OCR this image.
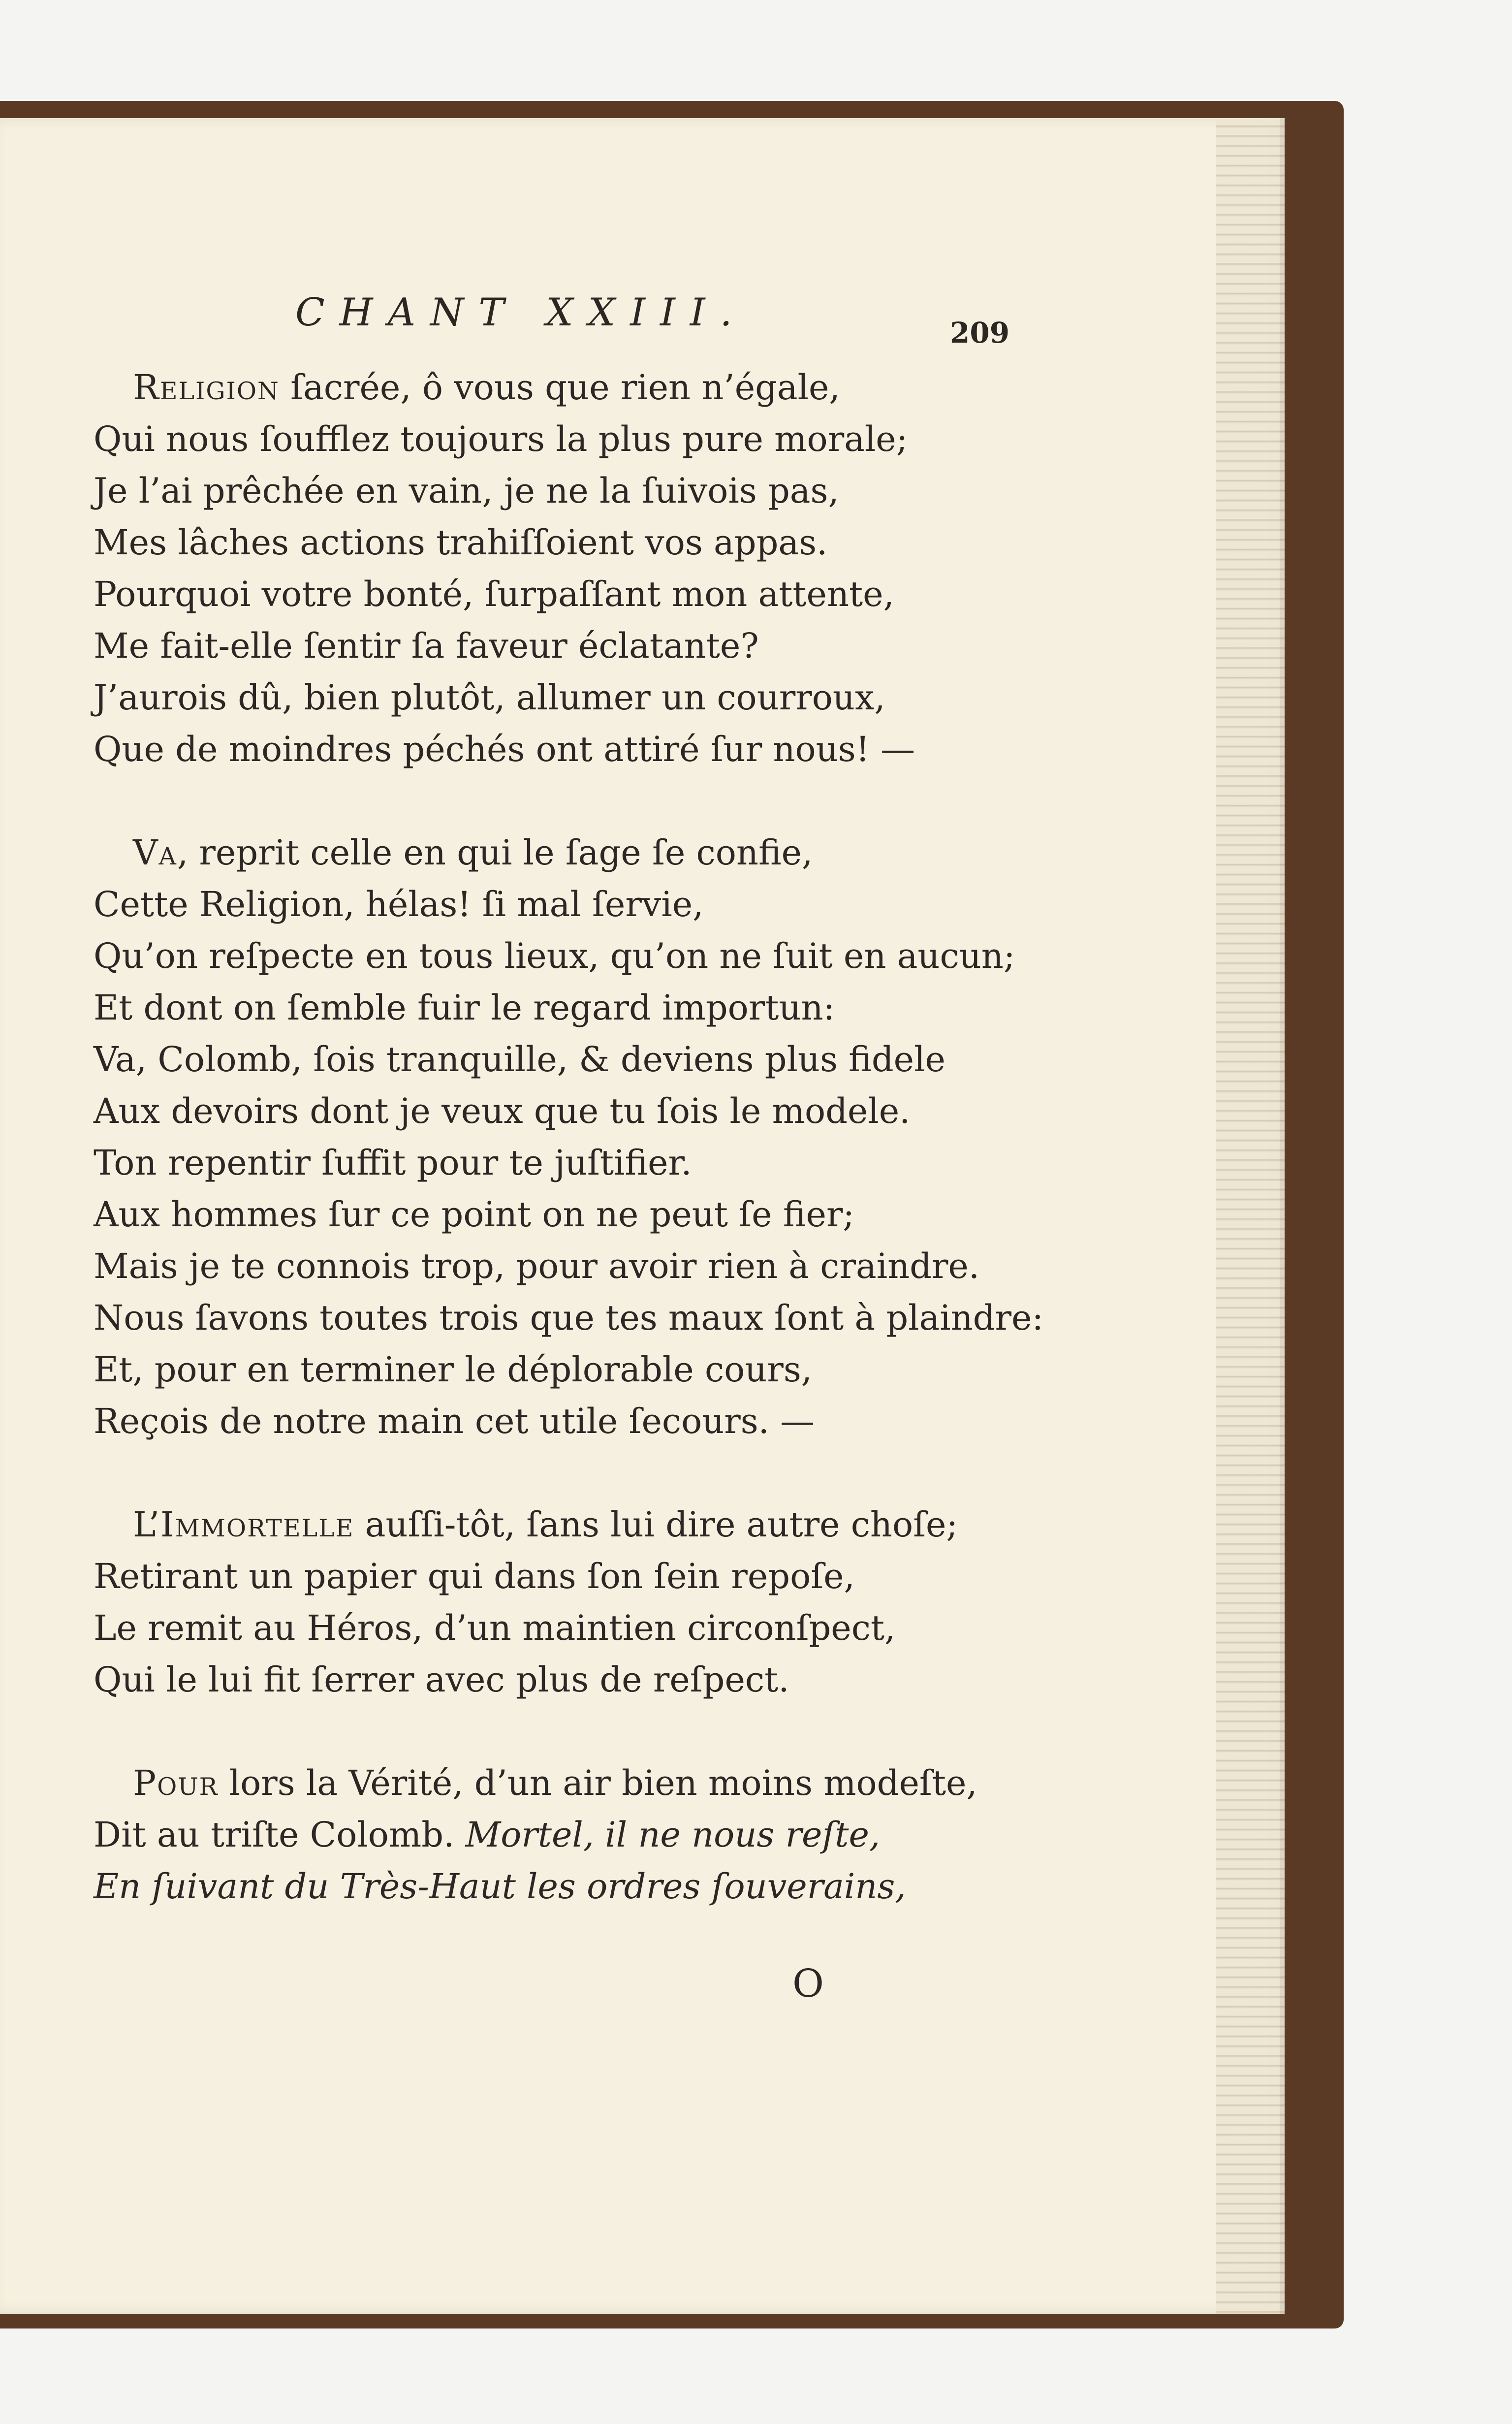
CHANT XXIII.	209
Religion ſacrée, ô vous que rien n’égale,
Qui nous ſoufflez toujours la plus pure morale;
Je l’ai prêchée en vain, je ne la ſuivois pas,
Mes lâches actions trahiſſoient vos appas.
Pourquoi votre bonté, ſurpaſſant mon attente,
Me fait-elle ſentir ſa faveur éclatante?
J’aurois dû, bien plutôt, allumer un courroux,
Que de moindres péchés ont attiré ſur nous! —
Va, reprit celle en qui le ſage ſe confie,
Cette Religion, hélas! ſi mal ſervie,
Qu’on reſpecte en tous lieux, qu’on ne ſuit en aucun;
Et dont on ſemble fuir le regard importun:
Va, Colomb, ſois tranquille, & deviens plus fidele
Aux devoirs dont je veux que tu ſois le modele.
Ton repentir ſuffit pour te juſtifier.
Aux hommes ſur ce point on ne peut ſe fier;
Mais je te connois trop, pour avoir rien à craindre.
Nous ſavons toutes trois que tes maux ſont à plaindre:
Et, pour en terminer le déplorable cours,
Reçois de notre main cet utile ſecours. —
L’Immortelle auſſi-tôt, ſans lui dire autre choſe;
Retirant un papier qui dans ſon ſein repoſe,
Le remit au Héros, d’un maintien circonſpect,
Qui le lui fit ſerrer avec plus de reſpect.
Pour lors la Vérité, d’un air bien moins modeſte,
Dit au triſte Colomb. Mortel, il ne nous reſte,
En ſuivant du Très-Haut les ordres ſouverains,
O
